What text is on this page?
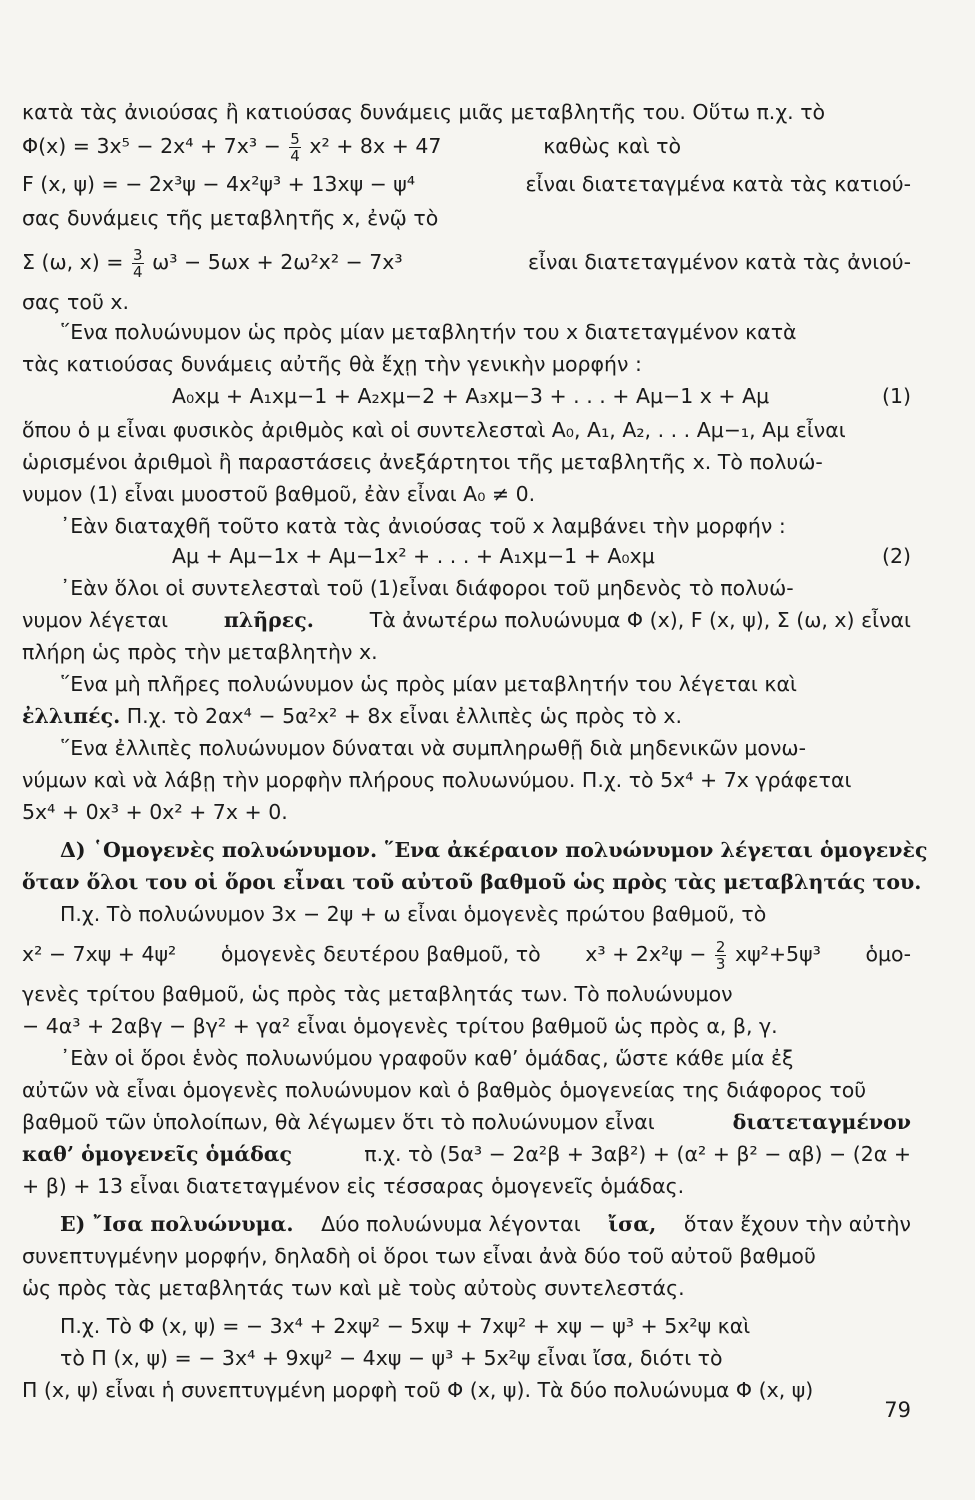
κατὰ τὰς ἀνιούσας ἢ κατιούσας δυνάμεις μιᾶς μεταβλητῆς του. Οὕτω π.χ. τὸ
$\Phi(x) = 3x^5 - 2x^4 + 7x^3 - \frac{5}{4} x^2 + 8x + 47$	καθὼς καὶ τὸ
F (x, ψ) = − 2x³ψ − 4x²ψ³ + 13xψ − ψ⁴	εἶναι διατεταγμένα κατὰ τὰς κατιού-
σας δυνάμεις τῆς μεταβλητῆς x, ἐνῷ τὸ
Σ (ω, $x) = \frac{3}{4} \omega^3 - 5\omega x + 2\omega^2x^2 - 7x^3$	εἶναι διατεταγμένον κατὰ τὰς ἀνιού-
σας τοῦ x.
῞Ενα πολυώνυμον ὡς πρὸς μίαν μεταβλητήν του x διατεταγμένον κατὰ
τὰς κατιούσας δυνάμεις αὐτῆς θὰ ἔχῃ τὴν γενικὴν μορφήν :
A₀xμ + A₁xμ−1 + A₂xμ−2 + A₃xμ−3 + . . . + Aμ−1 x + Aμ	(1)
ὅπου ὁ μ εἶναι φυσικὸς ἀριθμὸς καὶ οἱ συντελεσταὶ A₀, A₁, A₂, . . . Aμ−₁, Aμ εἶναι
ὡρισμένοι ἀριθμοὶ ἢ παραστάσεις ἀνεξάρτητοι τῆς μεταβλητῆς x. Τὸ πολυώ-
νυμον (1) εἶναι μυοστοῦ βαθμοῦ, ἐὰν εἶναι A₀ ≠ 0.
᾿Εὰν διαταχθῆ τοῦτο κατὰ τὰς ἀνιούσας τοῦ x λαμβάνει τὴν μορφήν :
Aμ + Aμ−1x + Aμ−1x² + . . . + A₁xμ−1 + A₀xμ	(2)
᾿Εὰν ὅλοι οἱ συντελεσταὶ τοῦ (1)εἶναι διάφοροι τοῦ μηδενὸς τὸ πολυώ-
νυμον λέγεται	πλῆρες.	Τὰ ἀνωτέρω πολυώνυμα Φ (x), F (x, ψ), Σ (ω, x) εἶναι
πλήρη ὡς πρὸς τὴν μεταβλητὴν x.
῞Ενα μὴ πλῆρες πολυώνυμον ὡς πρὸς μίαν μεταβλητήν του λέγεται καὶ
ἐλλιπές. Π.χ. τὸ 2αx⁴ − 5α²x² + 8x εἶναι ἐλλιπὲς ὡς πρὸς τὸ x.
῞Ενα ἐλλιπὲς πολυώνυμον δύναται νὰ συμπληρωθῇ διὰ μηδενικῶν μονω-
νύμων καὶ νὰ λάβῃ τὴν μορφὴν πλήρους πολυωνύμου. Π.χ. τὸ 5x⁴ + 7x γράφεται
5x⁴ + 0x³ + 0x² + 7x + 0.
Δ) ῾Ομογενὲς πολυώνυμον. ῞Ενα ἀκέραιον πολυώνυμον λέγεται ὁμογενὲς
ὅταν ὅλοι του οἱ ὅροι εἶναι τοῦ αὐτοῦ βαθμοῦ ὡς πρὸς τὰς μεταβλητάς του.
Π.χ. Τὸ πολυώνυμον 3x − 2ψ + ω εἶναι ὁμογενὲς πρώτου βαθμοῦ, τὸ
x² − 7xψ + 4ψ² ὁμογενὲς δευτέρου βαθμοῦ, τὸ $x^3 + 2x^2\psi - \frac{2}{3} x\psi^2+5\psi^3$ ὁμο-
γενὲς τρίτου βαθμοῦ, ὡς πρὸς τὰς μεταβλητάς των. Τὸ πολυώνυμον
− 4α³ + 2αβγ − βγ² + γα² εἶναι ὁμογενὲς τρίτου βαθμοῦ ὡς πρὸς α, β, γ.
᾿Εὰν οἱ ὅροι ἑνὸς πολυωνύμου γραφοῦν καθ’ ὁμάδας, ὥστε κάθε μία ἐξ
αὐτῶν νὰ εἶναι ὁμογενὲς πολυώνυμον καὶ ὁ βαθμὸς ὁμογενείας της διάφορος τοῦ
βαθμοῦ τῶν ὑπολοίπων, θὰ λέγωμεν ὅτι τὸ πολυώνυμον εἶναι	διατεταγμένον
καθ’ ὁμογενεῖς ὁμάδας	π.χ. τὸ (5α³ − 2α²β + 3αβ²) + (α² + β² − αβ) − (2α +
+ β) + 13 εἶναι διατεταγμένον εἰς τέσσαρας ὁμογενεῖς ὁμάδας.
Ε) ῎Ισα πολυώνυμα. Δύο πολυώνυμα λέγονται ἴσα, ὅταν ἔχουν τὴν αὐτὴν
συνεπτυγμένην μορφήν, δηλαδὴ οἱ ὅροι των εἶναι ἀνὰ δύο τοῦ αὐτοῦ βαθμοῦ
ὡς πρὸς τὰς μεταβλητάς των καὶ μὲ τοὺς αὐτοὺς συντελεστάς.
Π.χ. Τὸ Φ (x, ψ) = − 3x⁴ + 2xψ² − 5xψ + 7xψ² + xψ − ψ³ + 5x²ψ καὶ
τὸ Π (x, ψ) = − 3x⁴ + 9xψ² − 4xψ − ψ³ + 5x²ψ εἶναι ἴσα, διότι τὸ
Π (x, ψ) εἶναι ἡ συνεπτυγμένη μορφὴ τοῦ Φ (x, ψ). Τὰ δύο πολυώνυμα Φ (x, ψ)
79
